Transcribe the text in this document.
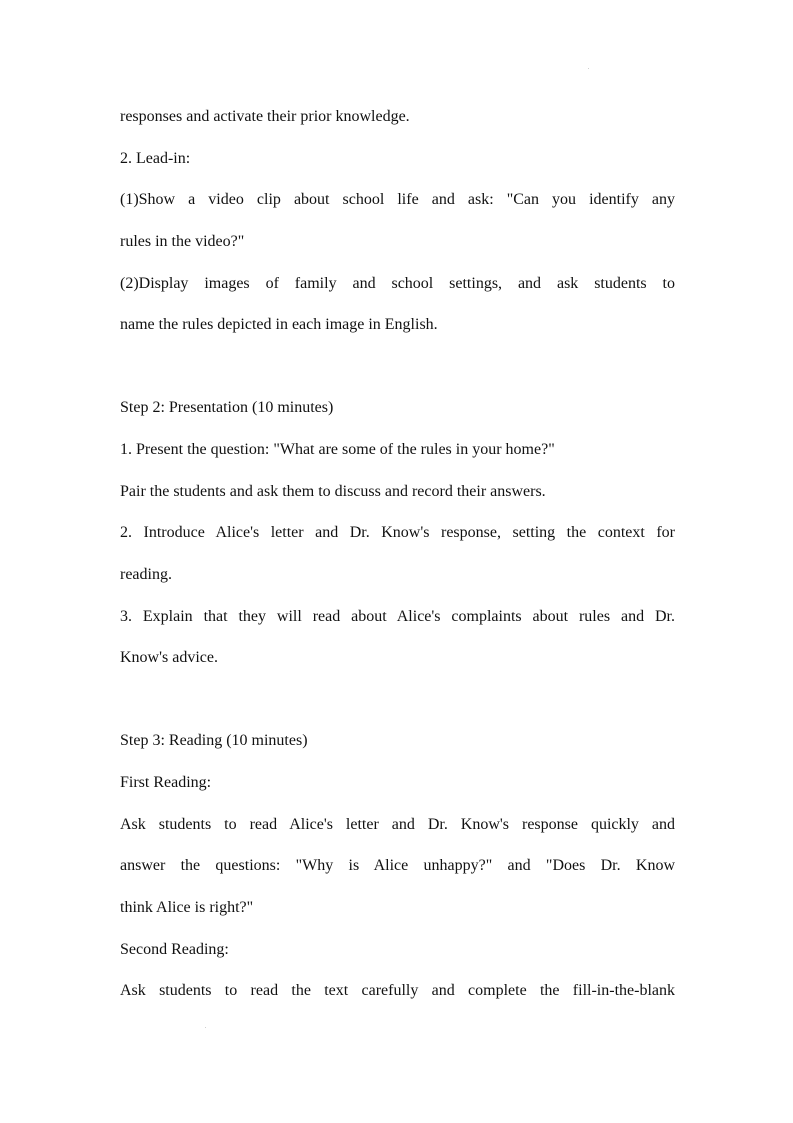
responses and activate their prior knowledge.
2. Lead-in:
(1)Show a video clip about school life and ask: "Can you identify any
rules in the video?"
(2)Display images of family and school settings, and ask students to
name the rules depicted in each image in English.
Step 2: Presentation (10 minutes)
1. Present the question: "What are some of the rules in your home?"
Pair the students and ask them to discuss and record their answers.
2. Introduce Alice's letter and Dr. Know's response, setting the context for
reading.
3. Explain that they will read about Alice's complaints about rules and Dr.
Know's advice.
Step 3: Reading (10 minutes)
First Reading:
Ask students to read Alice's letter and Dr. Know's response quickly and
answer the questions: "Why is Alice unhappy?" and "Does Dr. Know
think Alice is right?"
Second Reading:
Ask students to read the text carefully and complete the fill-in-the-blank
